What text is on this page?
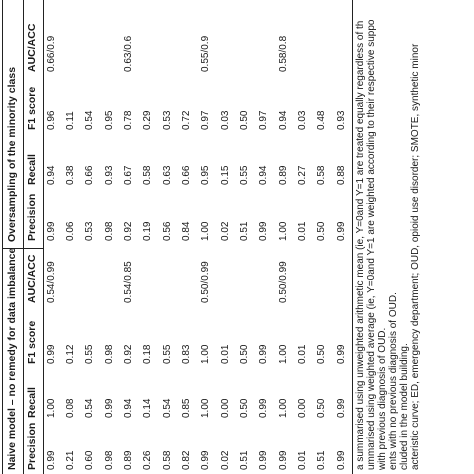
Naive model – no remedy for data imbalance
Oversampling of the minority class
Precision
Recall
F1 score
AUC/ACC
Precision
Recall
F1 score
AUC/ACC
0.99
1.00
0.99
0.54/0.99
0.99
0.94
0.96
0.66/0.9
0.21
0.08
0.12
0.06
0.38
0.11
0.60
0.54
0.55
0.53
0.66
0.54
0.98
0.99
0.98
0.98
0.93
0.95
0.89
0.94
0.92
0.54/0.85
0.92
0.67
0.78
0.63/0.6
0.26
0.14
0.18
0.19
0.58
0.29
0.58
0.54
0.55
0.56
0.63
0.53
0.82
0.85
0.83
0.84
0.66
0.72
0.99
1.00
1.00
0.50/0.99
1.00
0.95
0.97
0.55/0.9
0.02
0.00
0.01
0.02
0.15
0.03
0.51
0.50
0.50
0.51
0.55
0.50
0.99
0.99
0.99
0.99
0.94
0.97
0.99
1.00
1.00
0.50/0.99
1.00
0.89
0.94
0.58/0.8
0.01
0.00
0.01
0.01
0.27
0.03
0.51
0.50
0.50
0.50
0.58
0.48
0.99
0.99
0.99
0.99
0.88
0.93 a summarised using unweighted arithmetic mean (ie, Y=0and Y=1 are treated equally regardless of th ummarised using weighted average (ie, Y=0and Y=1 are weighted according to their respective suppo with previous diagnosis of OUD. ents with no previous diagnosis of OUD. cluded in the model building. acteristic curve; ED, emergency department; OUD, opioid use disorder; SMOTE, synthetic minor
